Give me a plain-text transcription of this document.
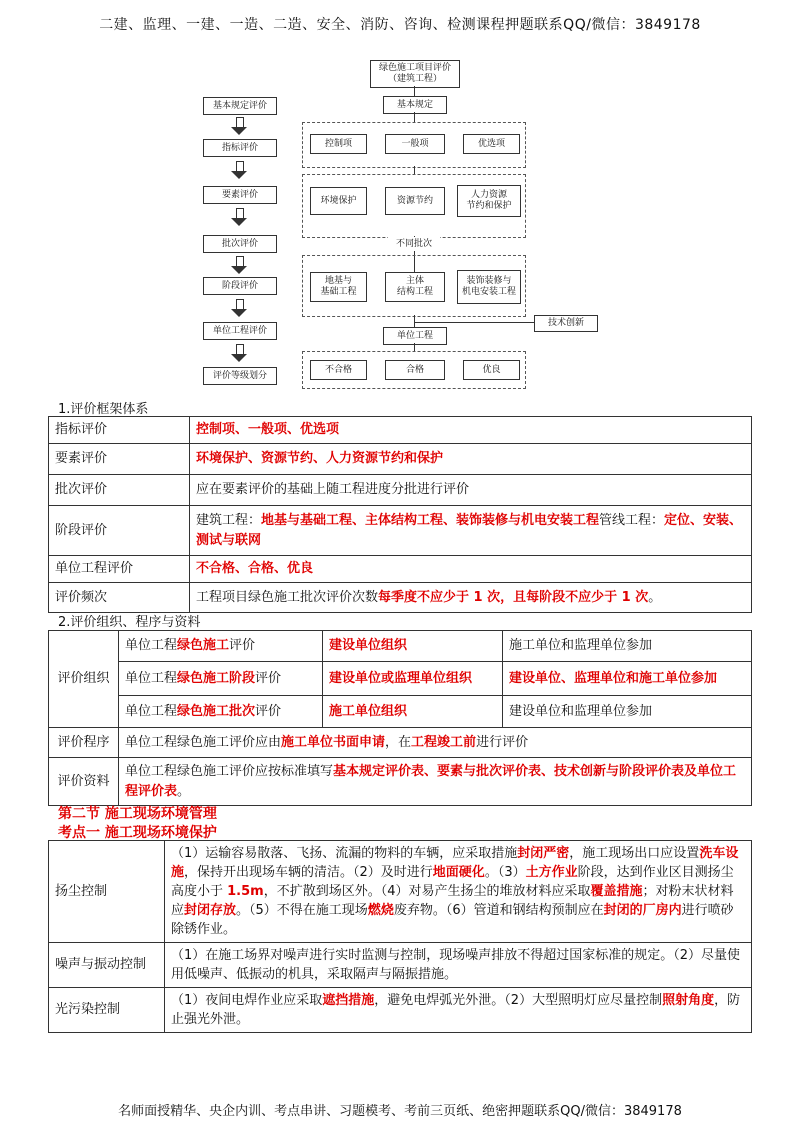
二建、监理、一建、一造、二造、安全、消防、咨询、检测课程押题联系QQ/微信：3849178
绿色施工项目评价
（建筑工程）
基本规定
控制项	一般项	优选项
环境保护	资源节约
人力资源
节约和保护
不同批次
地基与
基础工程
主体
结构工程
装饰装修与
机电安装工程
技术创新
单位工程
不合格	合格	优良
基本规定评价
指标评价
要素评价
批次评价
阶段评价
单位工程评价
评价等级划分
1.评价框架体系
指标评价	控制项、一般项、优选项
要素评价	环境保护、资源节约、人力资源节约和保护
批次评价	应在要素评价的基础上随工程进度分批进行评价
阶段评价	建筑工程：地基与基础工程、主体结构工程、装饰装修与机电安装工程管线工程：定位、安装、测试与联网
单位工程评价	不合格、合格、优良
评价频次	工程项目绿色施工批次评价次数每季度不应少于 1 次，且每阶段不应少于 1 次。
2.评价组织、程序与资料
评价组织	单位工程绿色施工评价	建设单位组织	施工单位和监理单位参加
	单位工程绿色施工阶段评价	建设单位或监理单位组织	建设单位、监理单位和施工单位参加
	单位工程绿色施工批次评价	施工单位组织	建设单位和监理单位参加
评价程序	单位工程绿色施工评价应由施工单位书面申请，在工程竣工前进行评价		
评价资料	单位工程绿色施工评价应按标准填写基本规定评价表、要素与批次评价表、技术创新与阶段评价表及单位工程评价表。		
第二节 施工现场环境管理
考点一 施工现场环境保护
扬尘控制	（1）运输容易散落、飞扬、流漏的物料的车辆，应采取措施封闭严密，施工现场出口应设置洗车设施，保持开出现场车辆的清洁。（2）及时进行地面硬化。（3）土方作业阶段，达到作业区目测扬尘高度小于 1.5m，不扩散到场区外。（4）对易产生扬尘的堆放材料应采取覆盖措施；对粉末状材料应封闭存放。（5）不得在施工现场燃烧废弃物。（6）管道和钢结构预制应在封闭的厂房内进行喷砂除锈作业。
噪声与振动控制	（1）在施工场界对噪声进行实时监测与控制，现场噪声排放不得超过国家标准的规定。（2）尽量使用低噪声、低振动的机具，采取隔声与隔振措施。
光污染控制	（1）夜间电焊作业应采取遮挡措施，避免电焊弧光外泄。（2）大型照明灯应尽量控制照射角度，防止强光外泄。
名师面授精华、央企内训、考点串讲、习题模考、考前三页纸、绝密押题联系QQ/微信：3849178
